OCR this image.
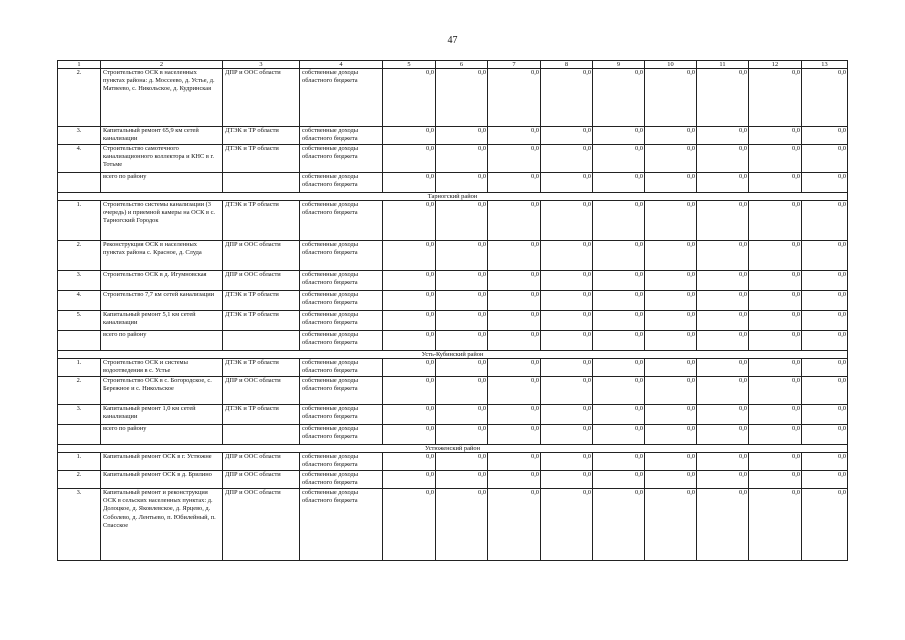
47
1	2	3	4	5	6	7	8	9	10	11	12	13
2.	Строительство ОСК в населенных пунктах района: д. Моссеево, д. Устье, д. Матвеево, с. Никольское, д. Кудринская	ДПР и ООС области	собственные доходы областного бюджета	0,0	0,0	0,0	0,0	0,0	0,0	0,0	0,0	0,0
3.	Капитальный ремонт 65,9 км сетей канализации	ДТЭК и ТР области	собственные доходы областного бюджета	0,0	0,0	0,0	0,0	0,0	0,0	0,0	0,0	0,0
4.	Строительство самотечного канализационного коллектора и КНС в г. Тотьме	ДТЭК и ТР области	собственные доходы областного бюджета	0,0	0,0	0,0	0,0	0,0	0,0	0,0	0,0	0,0
	всего по району		собственные доходы областного бюджета	0,0	0,0	0,0	0,0	0,0	0,0	0,0	0,0	0,0
Тарногский район												
1.	Строительство системы канализации (3 очередь) и приемной камеры на ОСК в с. Тарногский Городок	ДТЭК и ТР области	собственные доходы областного бюджета	0,0	0,0	0,0	0,0	0,0	0,0	0,0	0,0	0,0
2.	Реконструкция ОСК в населенных пунктах района с. Красное, д. Слуда	ДПР и ООС области	собственные доходы областного бюджета	0,0	0,0	0,0	0,0	0,0	0,0	0,0	0,0	0,0
3.	Строительство ОСК в д. Игумновская	ДПР и ООС области	собственные доходы областного бюджета	0,0	0,0	0,0	0,0	0,0	0,0	0,0	0,0	0,0
4.	Строительство 7,7 км сетей канализации	ДТЭК и ТР области	собственные доходы областного бюджета	0,0	0,0	0,0	0,0	0,0	0,0	0,0	0,0	0,0
5.	Капитальный ремонт 5,1 км сетей канализации	ДТЭК и ТР области	собственные доходы областного бюджета	0,0	0,0	0,0	0,0	0,0	0,0	0,0	0,0	0,0
	всего по району		собственные доходы областного бюджета	0,0	0,0	0,0	0,0	0,0	0,0	0,0	0,0	0,0
Усть-Кубинский район												
1.	Строительство ОСК и системы водоотведения в с. Устье	ДТЭК и ТР области	собственные доходы областного бюджета	0,0	0,0	0,0	0,0	0,0	0,0	0,0	0,0	0,0
2.	Строительство ОСК в с. Богородское, с. Бережное и с. Никольское	ДПР и ООС области	собственные доходы областного бюджета	0,0	0,0	0,0	0,0	0,0	0,0	0,0	0,0	0,0
3.	Капитальный ремонт 1,0 км сетей канализации	ДТЭК и ТР области	собственные доходы областного бюджета	0,0	0,0	0,0	0,0	0,0	0,0	0,0	0,0	0,0
	всего по району		собственные доходы областного бюджета	0,0	0,0	0,0	0,0	0,0	0,0	0,0	0,0	0,0
Устюженский район												
1.	Капитальный ремонт ОСК в г. Устюжне	ДПР и ООС области	собственные доходы областного бюджета	0,0	0,0	0,0	0,0	0,0	0,0	0,0	0,0	0,0
2.	Капитальный ремонт ОСК в д. Брилино	ДПР и ООС области	собственные доходы областного бюджета	0,0	0,0	0,0	0,0	0,0	0,0	0,0	0,0	0,0
3.	Капитальный ремонт и реконструкция ОСК в сельских населенных пунктах: д. Долоцкое, д. Яковлевское, д. Ярцево, д. Соболево, д. Лентьево, п. Юбилейный, п. Спасское	ДПР и ООС области	собственные доходы областного бюджета	0,0	0,0	0,0	0,0	0,0	0,0	0,0	0,0	0,0
